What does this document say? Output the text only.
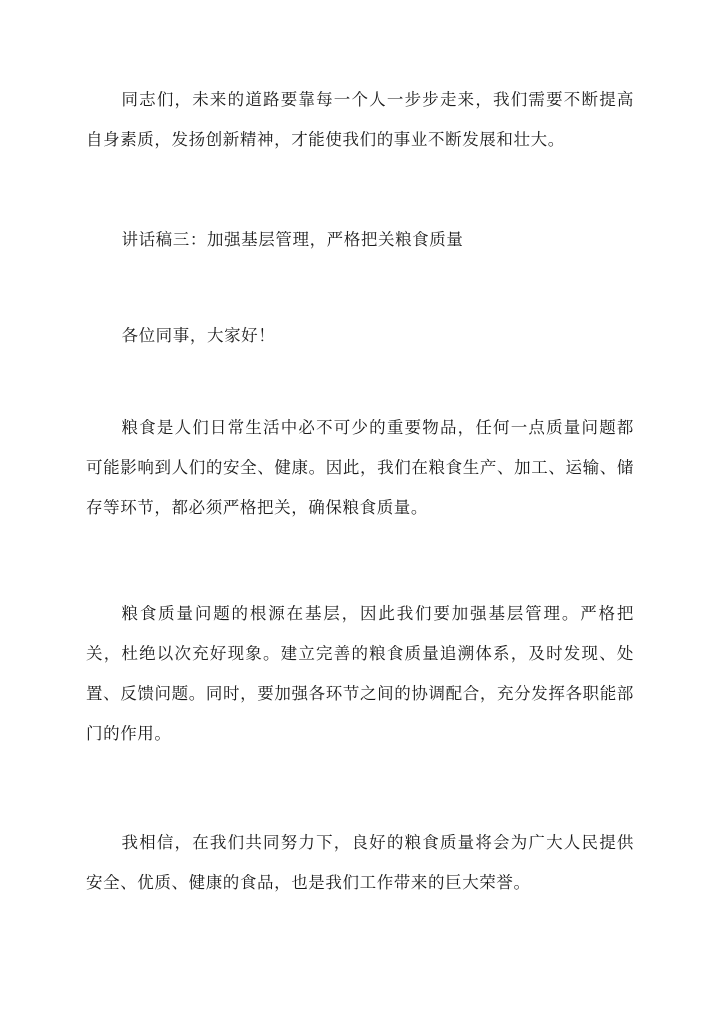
同志们，未来的道路要靠每一个人一步步走来，我们需要不断提高自身素质，发扬创新精神，才能使我们的事业不断发展和壮大。

讲话稿三：加强基层管理，严格把关粮食质量

各位同事，大家好！

粮食是人们日常生活中必不可少的重要物品，任何一点质量问题都可能影响到人们的安全、健康。因此，我们在粮食生产、加工、运输、储存等环节，都必须严格把关，确保粮食质量。

粮食质量问题的根源在基层，因此我们要加强基层管理。严格把关，杜绝以次充好现象。建立完善的粮食质量追溯体系，及时发现、处置、反馈问题。同时，要加强各环节之间的协调配合，充分发挥各职能部门的作用。

我相信，在我们共同努力下，良好的粮食质量将会为广大人民提供安全、优质、健康的食品，也是我们工作带来的巨大荣誉。
